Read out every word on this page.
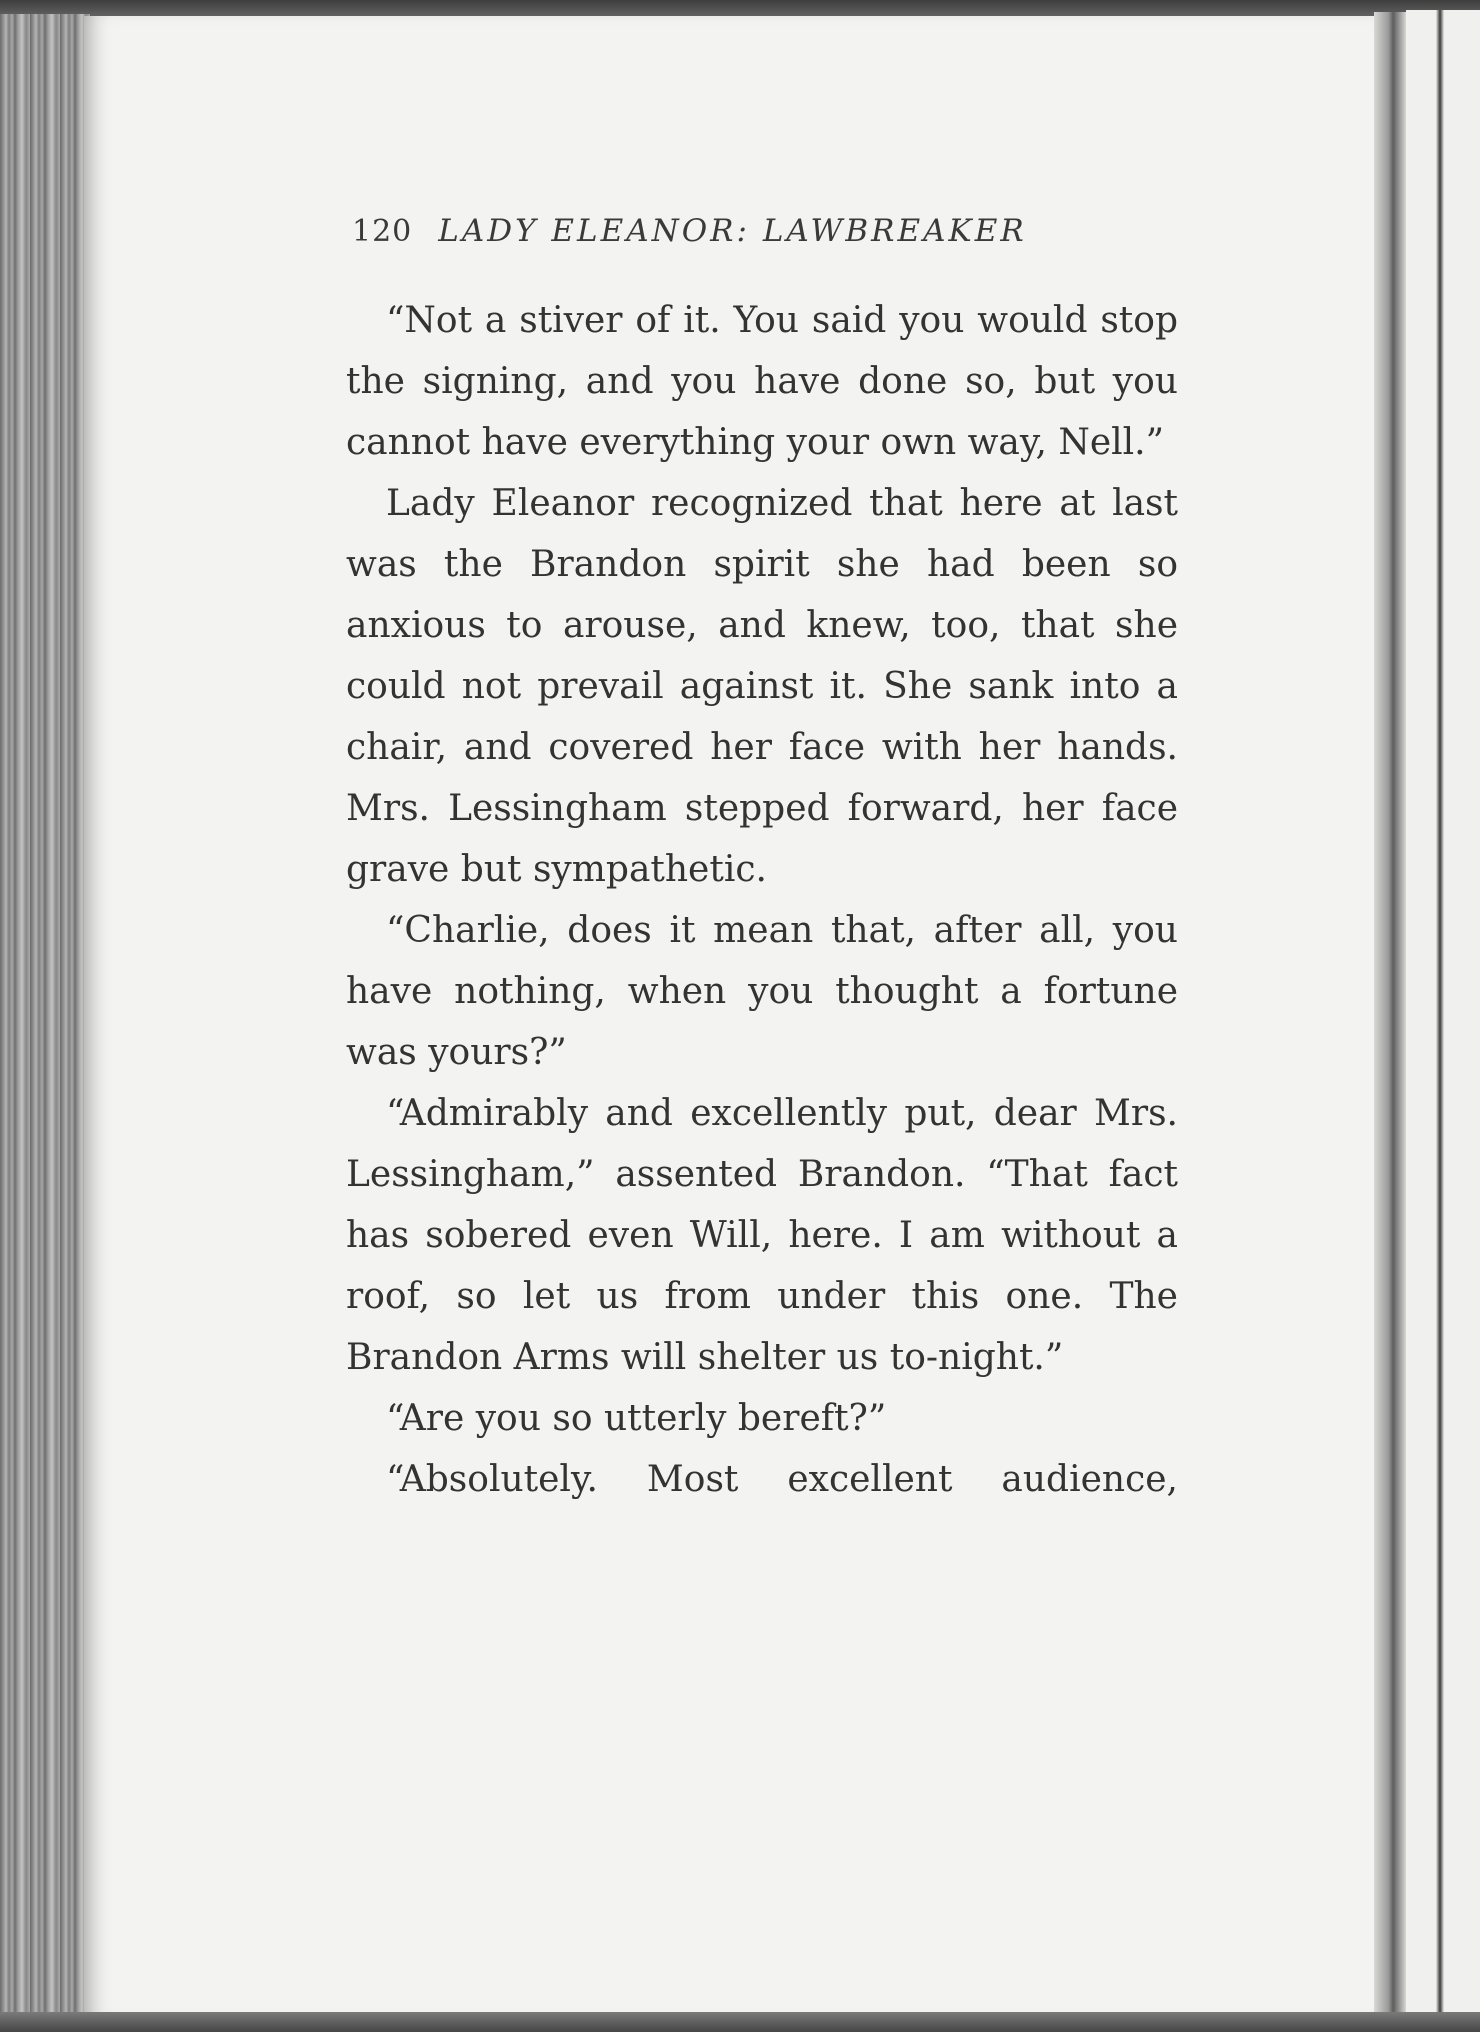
120 LADY ELEANOR: LAWBREAKER

“Not a stiver of it. You said you would stop the signing, and you have done so, but you cannot have everything your own way, Nell.”

Lady Eleanor recognized that here at last was the Brandon spirit she had been so anxious to arouse, and knew, too, that she could not prevail against it. She sank into a chair, and covered her face with her hands. Mrs. Lessingham stepped forward, her face grave but sympathetic.

“Charlie, does it mean that, after all, you have nothing, when you thought a fortune was yours?”

“Admirably and excellently put, dear Mrs. Lessingham,” assented Brandon. “That fact has sobered even Will, here. I am without a roof, so let us from under this one. The Brandon Arms will shelter us to-night.”

“Are you so utterly bereft?”

“Absolutely. Most excellent audience,
